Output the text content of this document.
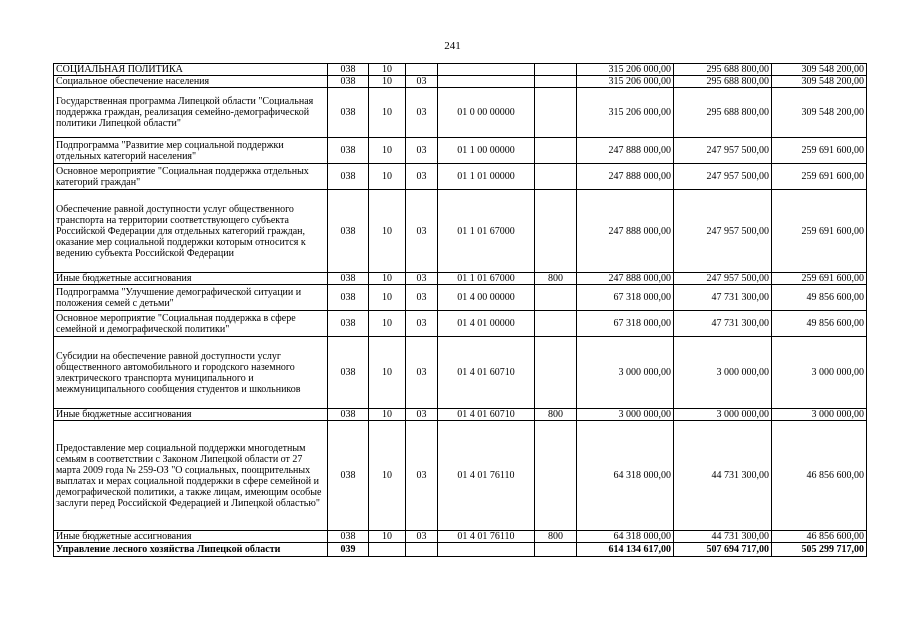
241
СОЦИАЛЬНАЯ ПОЛИТИКА	038	10				315 206 000,00	295 688 800,00	309 548 200,00
Социальное обеспечение населения	038	10	03			315 206 000,00	295 688 800,00	309 548 200,00
Государственная программа Липецкой области "Социальная поддержка граждан, реализация семейно-демографической политики Липецкой области"	038	10	03	01 0 00 00000		315 206 000,00	295 688 800,00	309 548 200,00
Подпрограмма "Развитие мер социальной поддержки отдельных категорий населения"	038	10	03	01 1 00 00000		247 888 000,00	247 957 500,00	259 691 600,00
Основное мероприятие "Социальная поддержка отдельных категорий граждан"	038	10	03	01 1 01 00000		247 888 000,00	247 957 500,00	259 691 600,00
Обеспечение равной доступности услуг общественного транспорта на территории соответствующего субъекта Российской Федерации для отдельных категорий граждан, оказание мер социальной поддержки которым относится к ведению субъекта Российской Федерации	038	10	03	01 1 01 67000		247 888 000,00	247 957 500,00	259 691 600,00
Иные бюджетные ассигнования	038	10	03	01 1 01 67000	800	247 888 000,00	247 957 500,00	259 691 600,00
Подпрограмма "Улучшение демографической ситуации и положения семей с детьми"	038	10	03	01 4 00 00000		67 318 000,00	47 731 300,00	49 856 600,00
Основное мероприятие "Социальная поддержка в сфере семейной и демографической политики"	038	10	03	01 4 01 00000		67 318 000,00	47 731 300,00	49 856 600,00
Субсидии на обеспечение равной доступности услуг общественного автомобильного и городского наземного электрического транспорта муниципального и межмуниципального сообщения студентов и школьников	038	10	03	01 4 01 60710		3 000 000,00	3 000 000,00	3 000 000,00
Иные бюджетные ассигнования	038	10	03	01 4 01 60710	800	3 000 000,00	3 000 000,00	3 000 000,00
Предоставление мер социальной поддержки многодетным семьям в соответствии с Законом Липецкой области от 27 марта 2009 года № 259-ОЗ "О социальных, поощрительных выплатах и мерах социальной поддержки в сфере семейной и демографической политики, а также лицам, имеющим особые заслуги перед Российской Федерацией и Липецкой областью"	038	10	03	01 4 01 76110		64 318 000,00	44 731 300,00	46 856 600,00
Иные бюджетные ассигнования	038	10	03	01 4 01 76110	800	64 318 000,00	44 731 300,00	46 856 600,00
Управление лесного хозяйства Липецкой области	039					614 134 617,00	507 694 717,00	505 299 717,00
